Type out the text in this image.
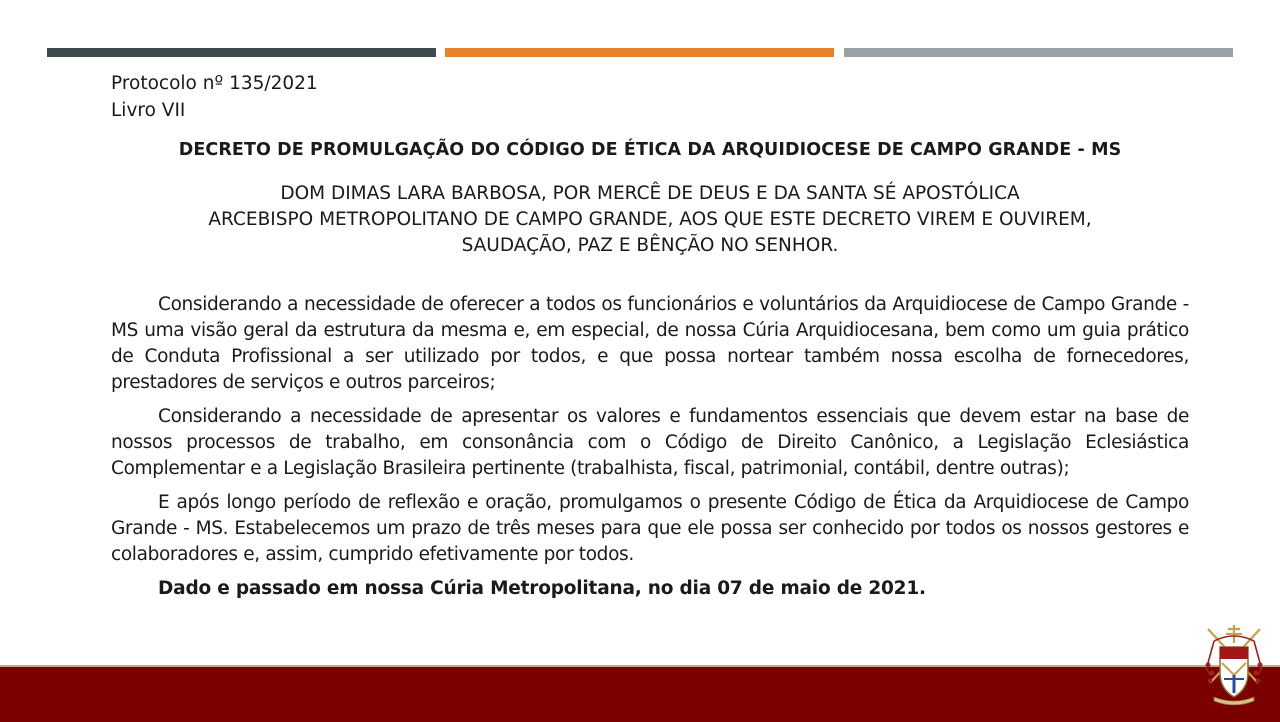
Protocolo nº 135/2021
Livro VII
DECRETO DE PROMULGAÇÃO DO CÓDIGO DE ÉTICA DA ARQUIDIOCESE DE CAMPO GRANDE - MS
DOM DIMAS LARA BARBOSA, POR MERCÊ DE DEUS E DA SANTA SÉ APOSTÓLICA
ARCEBISPO METROPOLITANO DE CAMPO GRANDE, AOS QUE ESTE DECRETO VIREM E OUVIREM,
SAUDAÇÃO, PAZ E BÊNÇÃO NO SENHOR.

Considerando a necessidade de oferecer a todos os funcionários e voluntários da Arquidiocese de Campo Grande - MS uma visão geral da estrutura da mesma e, em especial, de nossa Cúria Arquidiocesana, bem como um guia prático de Conduta Profissional a ser utilizado por todos, e que possa nortear também nossa escolha de fornecedores, prestadores de serviços e outros parceiros;

Considerando a necessidade de apresentar os valores e fundamentos essenciais que devem estar na base de nossos processos de trabalho, em consonância com o Código de Direito Canônico, a Legislação Eclesiástica Complementar e a Legislação Brasileira pertinente (trabalhista, fiscal, patrimonial, contábil, dentre outras);

E após longo período de reflexão e oração, promulgamos o presente Código de Ética da Arquidiocese de Campo Grande - MS. Estabelecemos um prazo de três meses para que ele possa ser conhecido por todos os nossos gestores e colaboradores e, assim, cumprido efetivamente por todos.

Dado e passado em nossa Cúria Metropolitana, no dia 07 de maio de 2021.
